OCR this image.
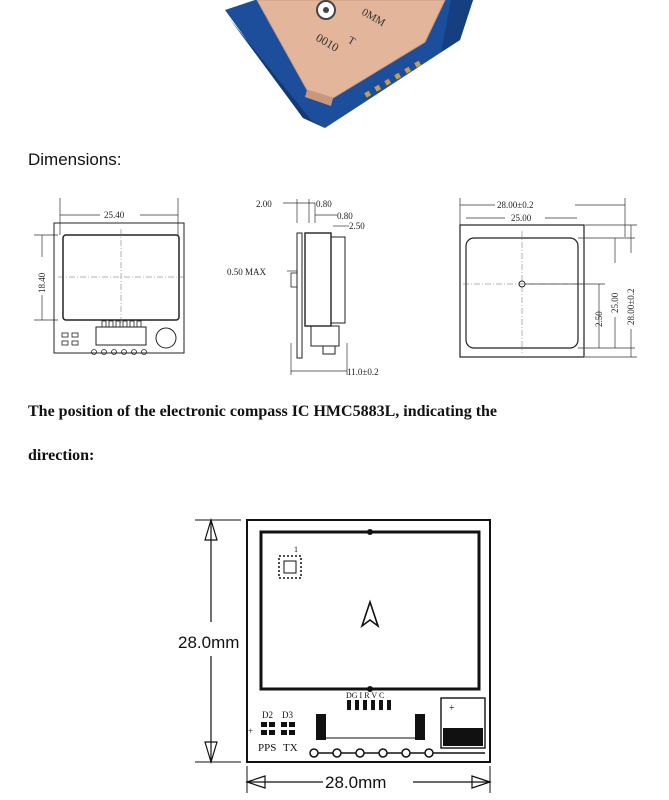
0MM
T
0010
Dimensions:
25.40
18.40
2.00	0.80
0.80
2.50
0.50 MAX
11.0±0.2
28.00±0.2
25.00
25.00 28.00±0.2
2.50
The position of the electronic compass IC HMC5883L, indicating the
direction:
28.0mm
1
DG I R V C
D2 D3
+
PPS TX
+
28.0mm
